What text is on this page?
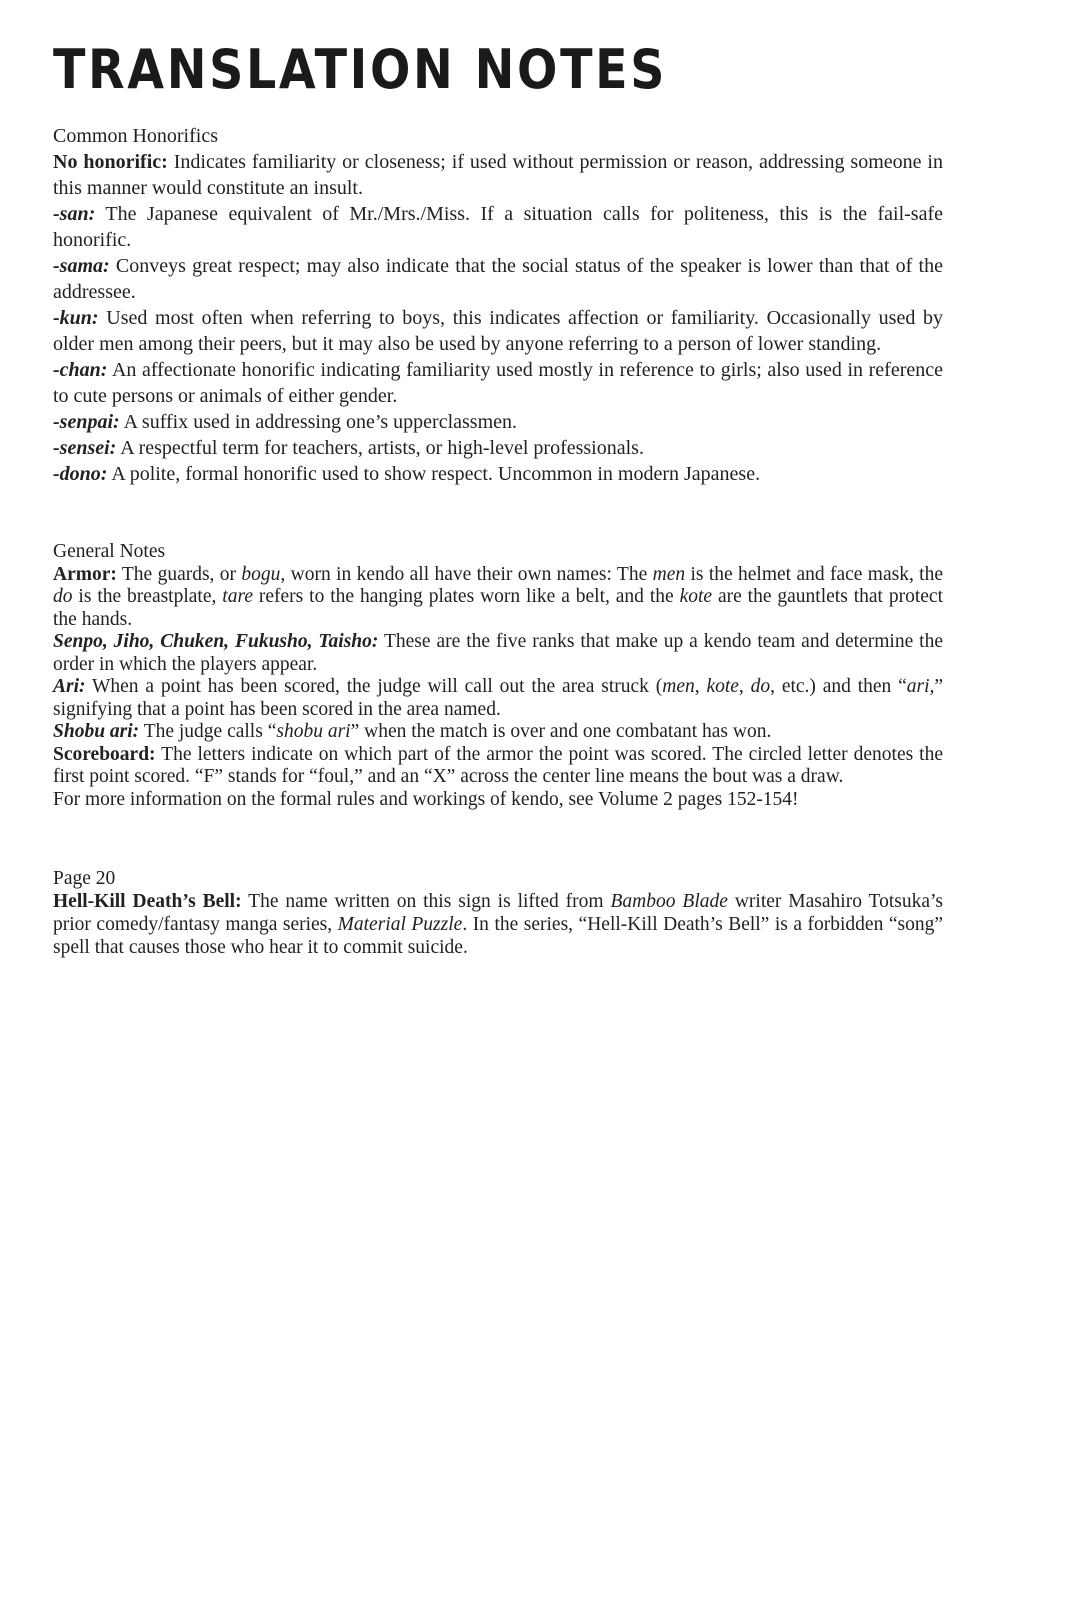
TRANSLATION NOTES
Common Honorifics
No honorific: Indicates familiarity or closeness; if used without permission or reason, addressing someone in this manner would constitute an insult.
-san: The Japanese equivalent of Mr./Mrs./Miss. If a situation calls for politeness, this is the fail-safe honorific.
-sama: Conveys great respect; may also indicate that the social status of the speaker is lower than that of the addressee.
-kun: Used most often when referring to boys, this indicates affection or familiarity. Occasionally used by older men among their peers, but it may also be used by anyone referring to a person of lower standing.
-chan: An affectionate honorific indicating familiarity used mostly in reference to girls; also used in reference to cute persons or animals of either gender.
-senpai: A suffix used in addressing one’s upperclassmen.
-sensei: A respectful term for teachers, artists, or high-level professionals.
-dono: A polite, formal honorific used to show respect. Uncommon in modern Japanese.
General Notes
Armor: The guards, or bogu, worn in kendo all have their own names: The men is the helmet and face mask, the do is the breastplate, tare refers to the hanging plates worn like a belt, and the kote are the gauntlets that protect the hands.
Senpo, Jiho, Chuken, Fukusho, Taisho: These are the five ranks that make up a kendo team and determine the order in which the players appear.
Ari: When a point has been scored, the judge will call out the area struck (men, kote, do, etc.) and then “ari,” signifying that a point has been scored in the area named.
Shobu ari: The judge calls “shobu ari” when the match is over and one combatant has won.
Scoreboard: The letters indicate on which part of the armor the point was scored. The circled letter denotes the first point scored. “F” stands for “foul,” and an “X” across the center line means the bout was a draw.
For more information on the formal rules and workings of kendo, see Volume 2 pages 152-154!
Page 20
Hell-Kill Death’s Bell: The name written on this sign is lifted from Bamboo Blade writer Masahiro Totsuka’s prior comedy/fantasy manga series, Material Puzzle. In the series, “Hell-Kill Death’s Bell” is a forbidden “song” spell that causes those who hear it to commit suicide.
